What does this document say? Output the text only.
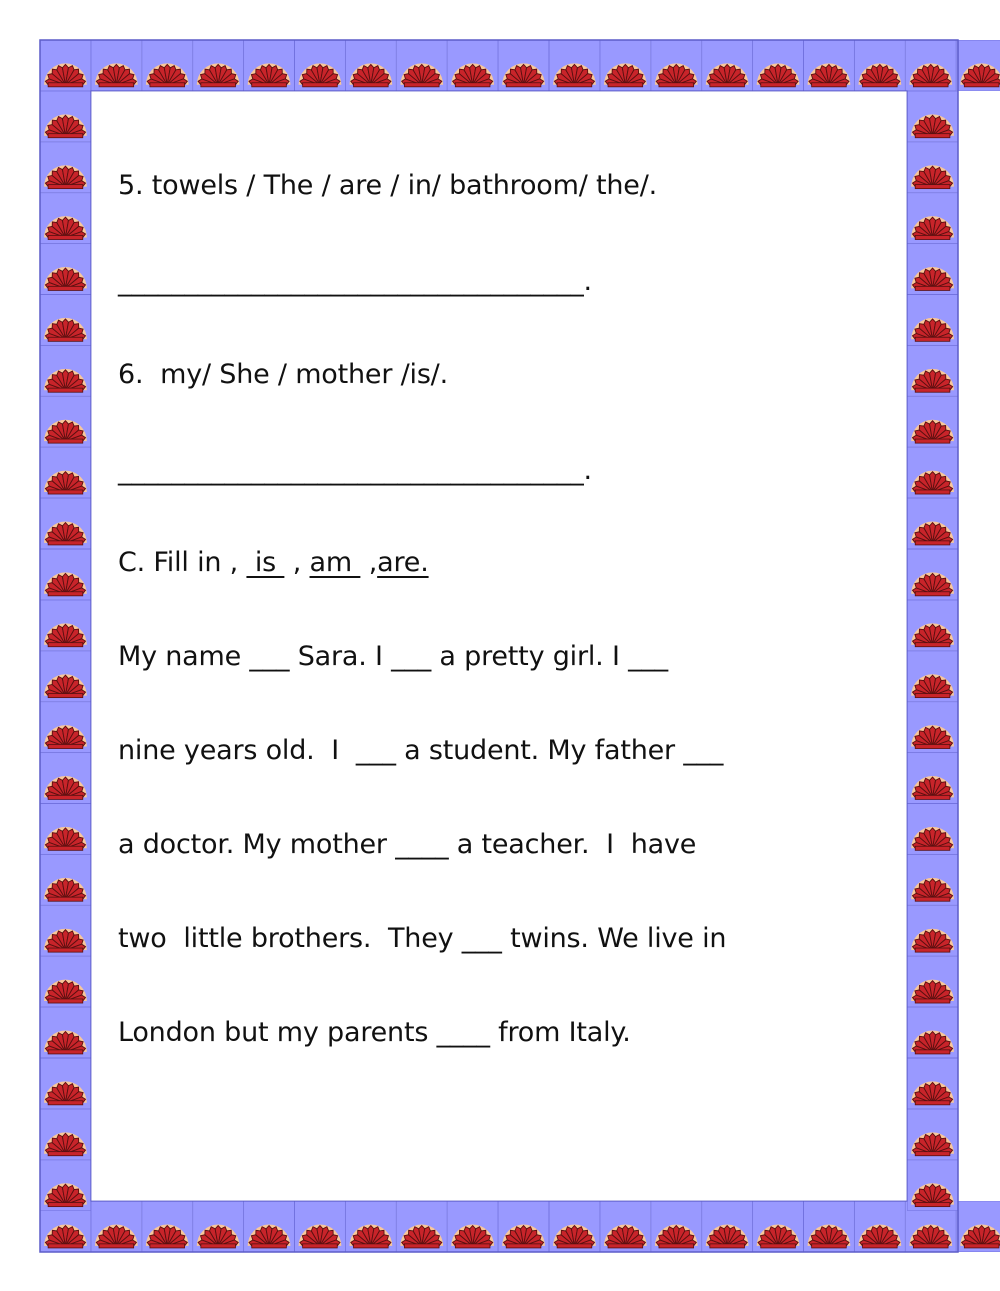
5. towels / The / are / in/ bathroom/ the/.
___________________________________.
6.  my/ She / mother /is/.
___________________________________.
C. Fill in ,  is  , am  ,are.
My name ___ Sara. I ___ a pretty girl. I ___
nine years old.  I  ___ a student. My father ___
a doctor. My mother ____ a teacher.  I  have
two  little brothers.  They ___ twins. We live in
London but my parents ____ from Italy.
